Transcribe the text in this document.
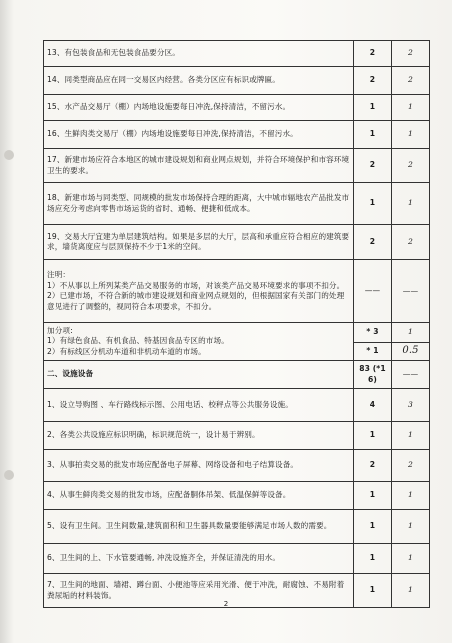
13、有包装食品和无包装食品要分区。	2	2
14、同类型商品应在同一交易区内经营。各类分区应有标识或牌匾。	2	2
15、水产品交易厅（棚）内场地设施要每日冲洗,保持清洁，不留污水。	1	1
16、生鲜肉类交易厅（棚）内场地设施要每日冲洗,保持清洁，不留污水。	1	1
17、新建市场应符合本地区的城市建设规划和商业网点规划，并符合环境保护和市容环境卫生的要求。	2	2
18、新建市场与同类型、同规模的批发市场保持合理的距离，大中城市辐地农产品批发市场应充分考虑向零售市场运货的省时、通畅、便捷和低成本。	1	1
19、交易大厅宜建为单层建筑结构。如果是多层的大厅，层高和承重应符合相应的建筑要求，墙货离度应与层顶保持不少于1米的空间。	2	2

注明：
1）不从事以上所列某类产品交易服务的市场，对该类产品交易环境要求的事项不扣分。
2）已建市场，不符合新的城市建设规划和商业网点规划的，但根据国家有关部门的处理意见进行了调整的，视同符合本项要求，不扣分。	——	——

加分项:
1）有绿色食品、有机食品、特基因食品专区的市场。
2）有标线区分机动车道和非机动车道的市场。	* 3	1
	* 1	0.5
二、设施设备	83 (*16)	——
1、设立导购图 、车行路线标示图、公用电话、校秤点等公共服务设施。	4	3
2、各类公共设施应标识明确，标识规范统一，设计易于辨别。	1	1
3、从事拍卖交易的批发市场应配备电子屏幕、网络设备和电子结算设备。	2	2
4、从事生鲜肉类交易的批发市场，应配备胴体吊架、低温保鲜等设备。	1	1
5、设有卫生间。卫生间数量,建筑面积和卫生器具数量要能够满足市场人数的需要。	1	1
6、卫生间的上、下水管要通畅, 冲洗设施齐全，并保证清洗的用水。	1	1
7、卫生间的地面、墙裙、蹲台面、小便池等应采用光滑、便于冲洗，耐腐蚀、不易附着粪尿垢的材料装饰。	1	1
2
